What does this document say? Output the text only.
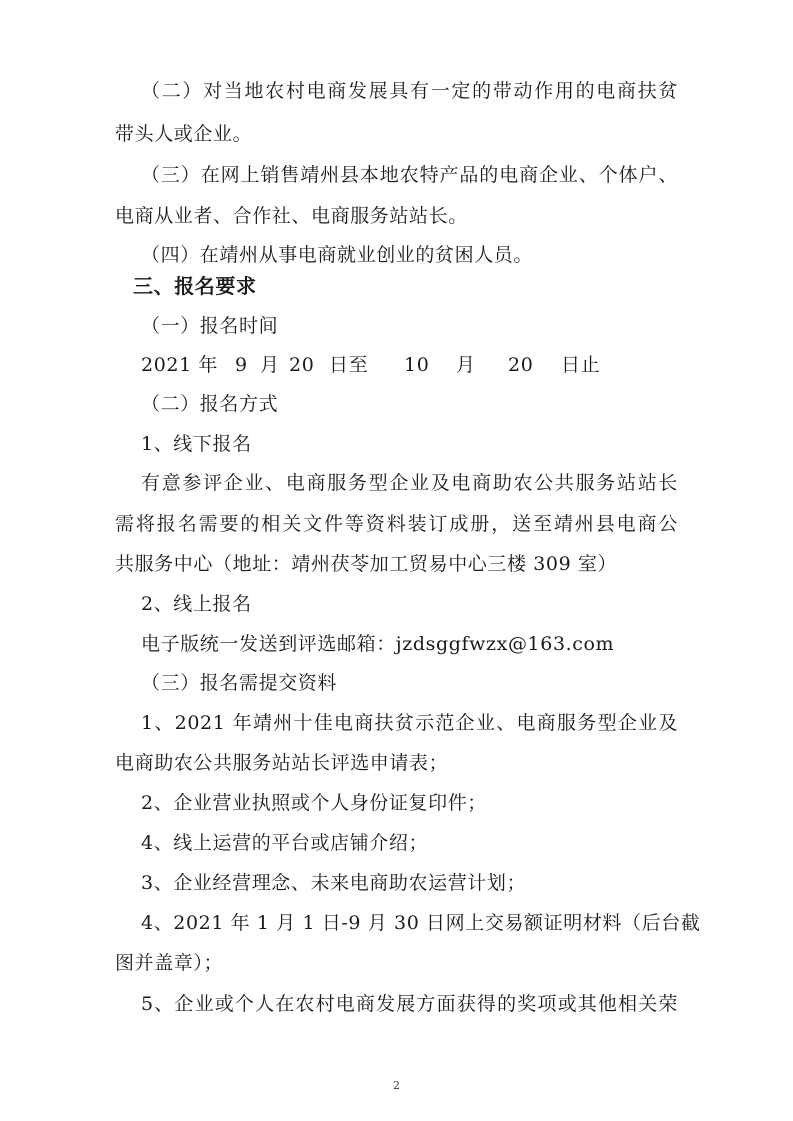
（二）对当地农村电商发展具有一定的带动作用的电商扶贫
带头人或企业。
（三）在网上销售靖州县本地农特产品的电商企业、个体户、
电商从业者、合作社、电商服务站站长。
（四）在靖州从事电商就业创业的贫困人员。
三、报名要求
（一）报名时间
2021 年 9 月 20 日至 10 月 20 日止
（二）报名方式
1、线下报名
有意参评企业、电商服务型企业及电商助农公共服务站站长
需将报名需要的相关文件等资料装订成册，送至靖州县电商公
共服务中心（地址：靖州茯苓加工贸易中心三楼 309 室）
2、线上报名
电子版统一发送到评选邮箱：jzdsggfwzx@163.com
（三）报名需提交资料
1、2021 年靖州十佳电商扶贫示范企业、电商服务型企业及
电商助农公共服务站站长评选申请表；
2、企业营业执照或个人身份证复印件；
4、线上运营的平台或店铺介绍；
3、企业经营理念、未来电商助农运营计划；
4、2021 年 1 月 1 日-9 月 30 日网上交易额证明材料（后台截
图并盖章）；
5、企业或个人在农村电商发展方面获得的奖项或其他相关荣
2
